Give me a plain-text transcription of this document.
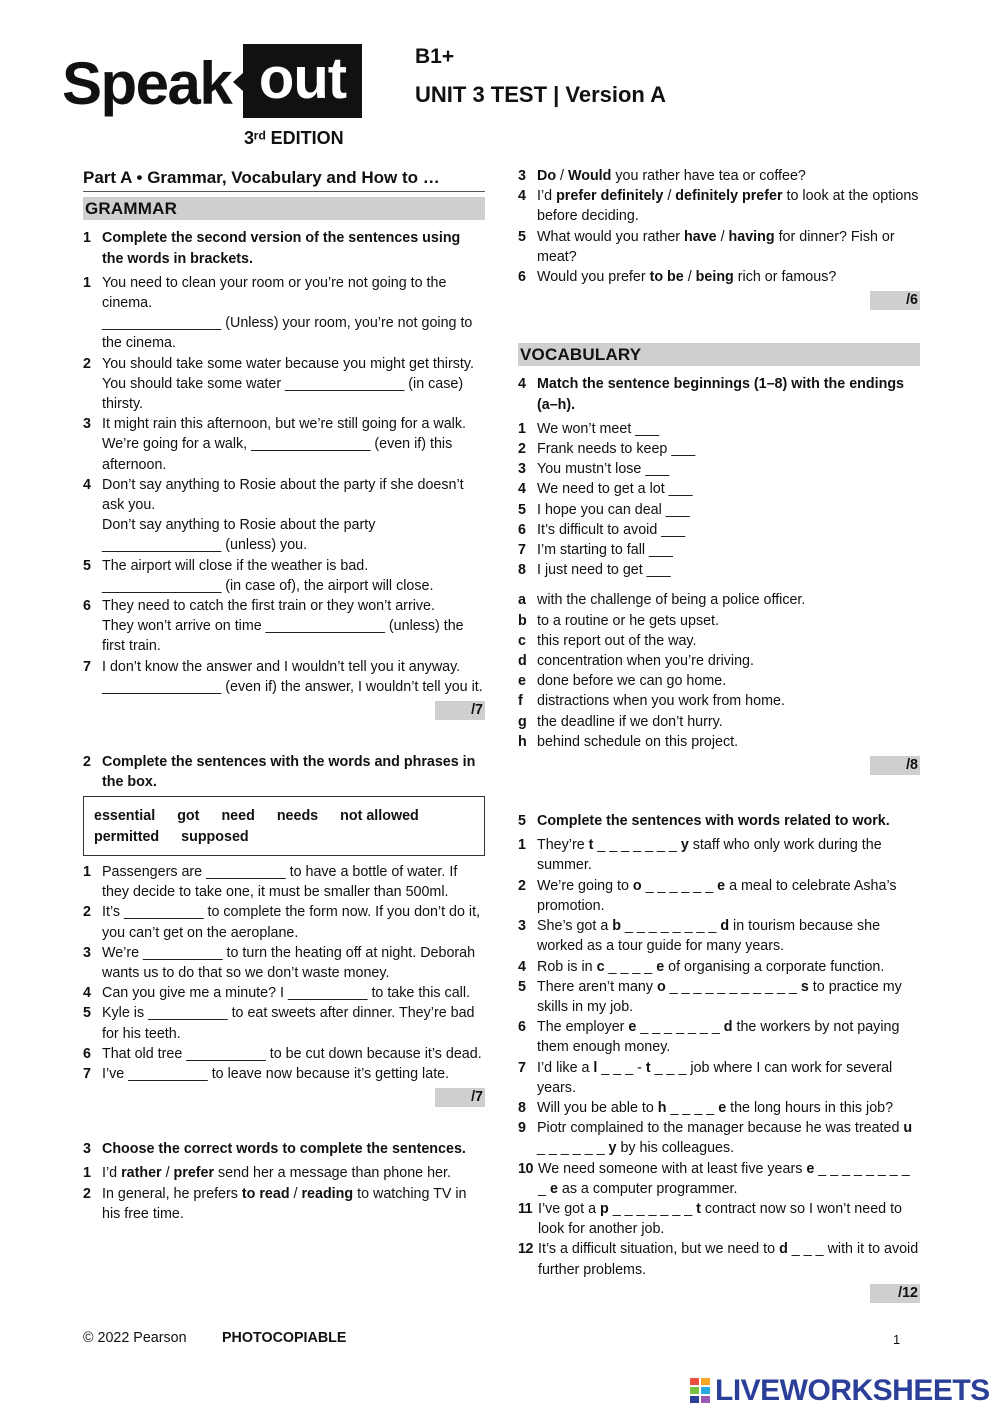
Speak out
3ʳᵈ EDITION
B1+
UNIT 3 TEST | Version A
Part A • Grammar, Vocabulary and How to …
GRAMMAR
1 Complete the second version of the sentences using the words in brackets.
1 You need to clean your room or you’re not going to the cinema.
_______________ (Unless) your room, you’re not going to the cinema.
2 You should take some water because you might get thirsty.
You should take some water _______________ (in case) thirsty.
3 It might rain this afternoon, but we’re still going for a walk.
We’re going for a walk, _______________ (even if) this afternoon.
4 Don’t say anything to Rosie about the party if she doesn’t ask you.
Don’t say anything to Rosie about the party _______________ (unless) you.
5 The airport will close if the weather is bad.
_______________ (in case of), the airport will close.
6 They need to catch the first train or they won’t arrive.
They won’t arrive on time _______________ (unless) the first train.
7 I don’t know the answer and I wouldn’t tell you it anyway.
_______________ (even if) the answer, I wouldn’t tell you it.
/7
2 Complete the sentences with the words and phrases in the box.
essential got need needs not allowedpermitted supposed
1 Passengers are __________ to have a bottle of water. If they decide to take one, it must be smaller than 500ml.
2 It’s __________ to complete the form now. If you don’t do it, you can’t get on the aeroplane.
3 We’re __________ to turn the heating off at night. Deborah wants us to do that so we don’t waste money.
4 Can you give me a minute? I __________ to take this call.
5 Kyle is __________ to eat sweets after dinner. They’re bad for his teeth.
6 That old tree __________ to be cut down because it’s dead.
7 I’ve __________ to leave now because it’s getting late.
/7
3 Choose the correct words to complete the sentences.
1 I’d rather / prefer send her a message than phone her.
2 In general, he prefers to read / reading to watching TV in his free time.
3 Do / Would you rather have tea or coffee?
4 I’d prefer definitely / definitely prefer to look at the options before deciding.
5 What would you rather have / having for dinner? Fish or meat?
6 Would you prefer to be / being rich or famous?
/6
VOCABULARY
4 Match the sentence beginnings (1–8) with the endings (a–h).
1 We won’t meet ___
2 Frank needs to keep ___
3 You mustn’t lose ___
4 We need to get a lot ___
5 I hope you can deal ___
6 It’s difficult to avoid ___
7 I’m starting to fall ___
8 I just need to get ___
a with the challenge of being a police officer.
b to a routine or he gets upset.
c this report out of the way.
d concentration when you’re driving.
e done before we can go home.
f distractions when you work from home.
g the deadline if we don’t hurry.
h behind schedule on this project.
/8
5 Complete the sentences with words related to work.
1 They’re t _ _ _ _ _ _ _ y staff who only work during the summer.
2 We’re going to o _ _ _ _ _ _ e a meal to celebrate Asha’s promotion.
3 She’s got a b _ _ _ _ _ _ _ _ d in tourism because she worked as a tour guide for many years.
4 Rob is in c _ _ _ _ e of organising a corporate function.
5 There aren’t many o _ _ _ _ _ _ _ _ _ _ _ s to practice my skills in my job.
6 The employer e _ _ _ _ _ _ _ d the workers by not paying them enough money.
7 I’d like a l _ _ _ - t _ _ _ job where I can work for several years.
8 Will you be able to h _ _ _ _ e the long hours in this job?
9 Piotr complained to the manager because he was treated u _ _ _ _ _ _ y by his colleagues.
10 We need someone with at least five years e _ _ _ _ _ _ _ _ _ e as a computer programmer.
11 I’ve got a p _ _ _ _ _ _ _ t contract now so I won’t need to look for another job.
12 It’s a difficult situation, but we need to d _ _ _ with it to avoid further problems.
/12
© 2022 Pearson PHOTOCOPIABLE	1
LIVEWORKSHEETS
